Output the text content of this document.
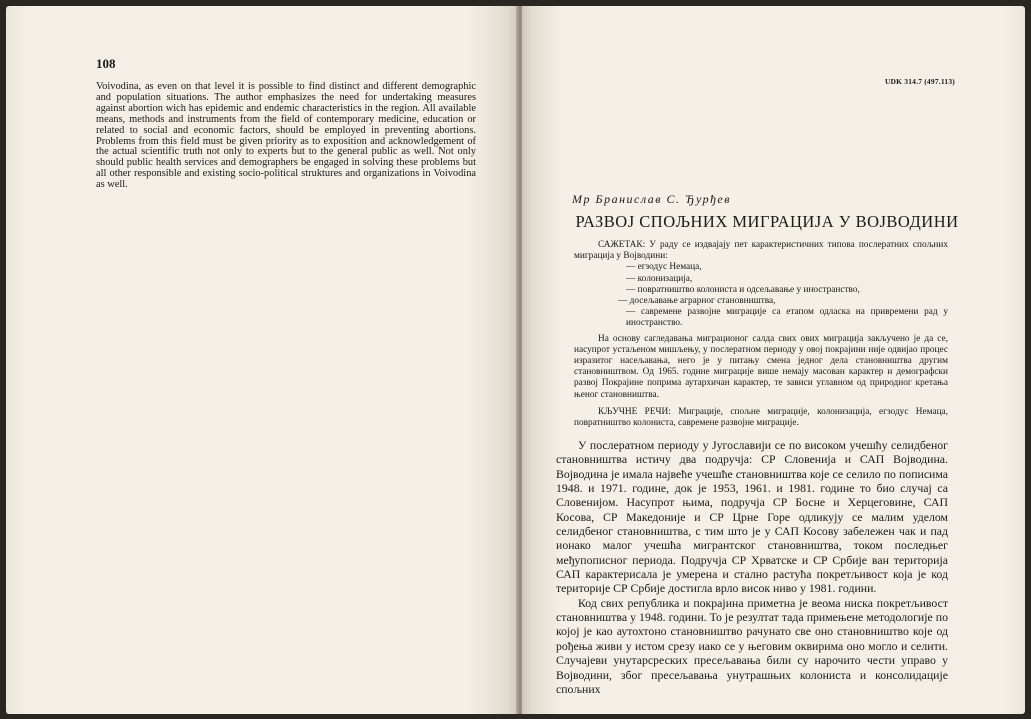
108

Voivodina, as even on that level it is possible to find distinct and different demographic and population situations. The author emphasizes the need for undertaking measures against abortion wich has epidemic and endemic characteristics in the region. All available means, methods and instruments from the field of contemporary medicine, education or related to social and economic factors, should be employed in preventing abortions. Problems from this field must be given priority as to exposition and acknowledgement of the actual scientific truth not only to experts but to the general public as well. Not only should public health services and demographers be engaged in solving these problems but all other responsible and existing socio-political struktures and organizations in Voivodina as well.

UDK 314.7 (497.113)
Мр Бранислав С. Ђурђев
РАЗВОЈ СПОЉНИХ МИГРАЦИЈА У ВОЈВОДИНИ

САЖЕТАК: У раду се издвајају пет карактеристичних типова послератних спољних миграција у Војводини:

— егзодус Немаца,

— колонизација,

— повратништво колониста и одсељавање у иностранство,

— досељавање аграрног становништва,

— савремене развојне миграције са етапом одласка на привремени рад у иностранство.

На основу сагледавања миграционог салда свих ових миграција закључено је да се, насупрот устаљеном мишљењу, у послератном периоду у овој покрајини није одвијао процес изразитог насељавања, него је у питању смена једног дела становништва другим становништвом. Од 1965. године миграције више немају масован карактер и демографски развој Покрајине поприма аутархичан карактер, те зависи углавном од природног кретања њеног становништва.

КЉУЧНЕ РЕЧИ: Миграције, спољне миграције, колонизација, егзодус Немаца, повратништво колониста, савремене развојне миграције.

У послератном периоду у Југославији се по високом учешћу селидбеног становништва истичу два подручја: СР Словенија и САП Војводина. Војводина је имала највеће учешће становништва које се селило по пописима 1948. и 1971. године, док је 1953, 1961. и 1981. године то био случај са Словенијом. Насупрот њима, подручја СР Босне и Херцеговине, САП Косова, СР Македоније и СР Црне Горе одликују се малим уделом селидбеног становништва, с тим што је у САП Косову забележен чак и пад ионако малог учешћа мигрантског становништва, током последњег међупописног периода. Подручја СР Хрватске и СР Србије ван територија САП карактерисала је умерена и стално растућа покретљивост која је код територије СР Србије достигла врло висок ниво у 1981. години.

Код свих република и покрајина приметна је веома ниска покретљивост становништва у 1948. години. То је резултат тада примењене методологије по којој је као аутохтоно становништво рачунато све оно становништво које од рођења живи у истом срезу иако се у његовим оквирима оно могло и селити. Случајеви унутарсреских пресељавања били су нарочито чести управо у Војводини, због пресељавања унутрашњих колониста и консолидације спољних
